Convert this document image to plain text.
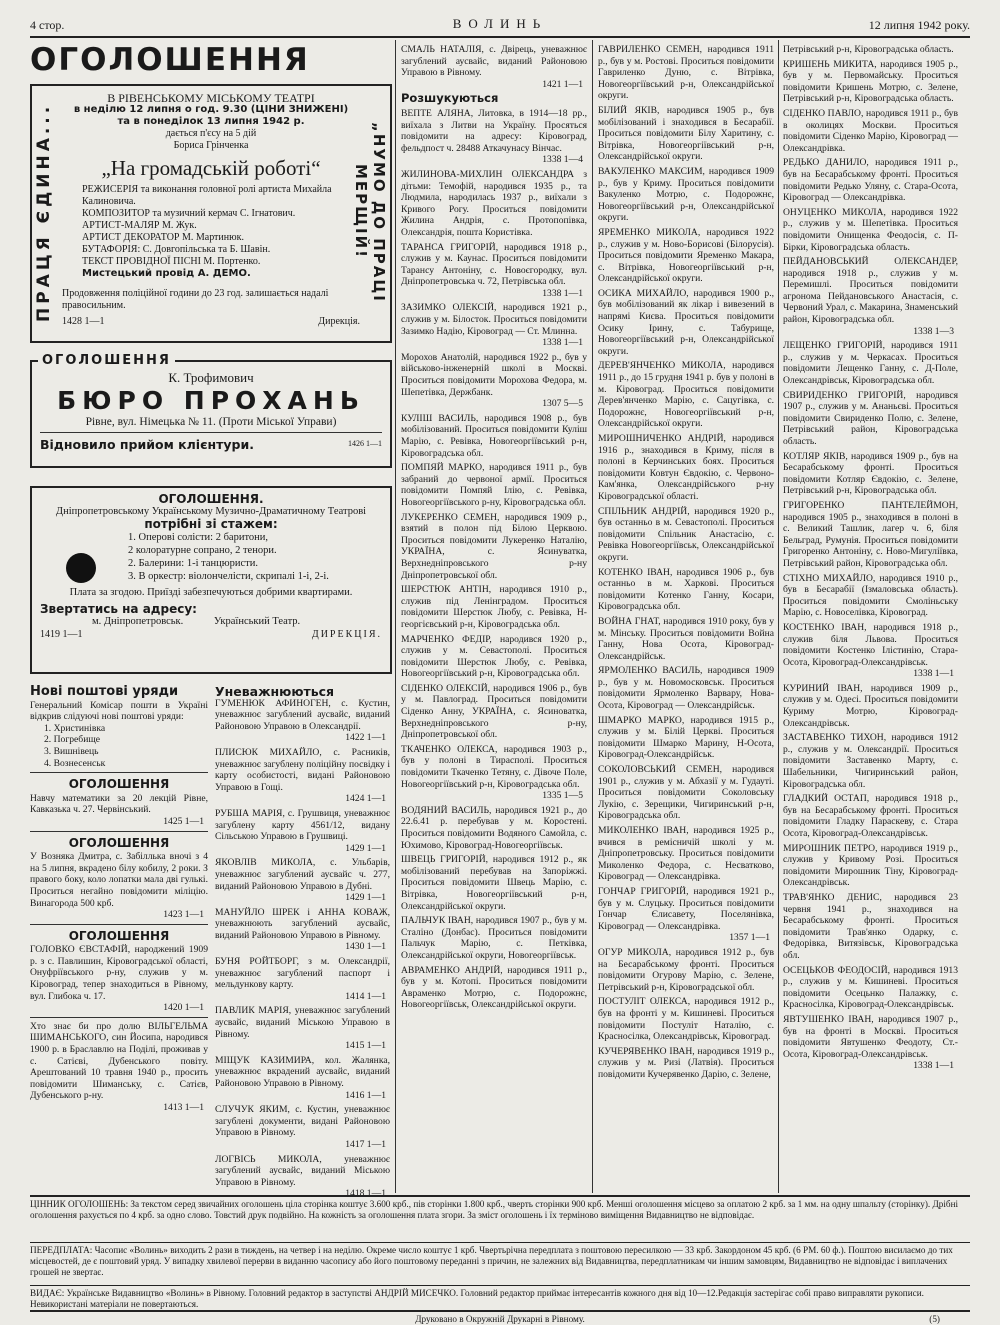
4 стор.	ВОЛИНЬ	12 липня 1942 року.
ОГОЛОШЕННЯ
ПРАЦЯ ЄДИНА...	„НУМО ДО ПРАЦІ МЕРЩІЙ!
В РІВЕНСЬКОМУ МІСЬКОМУ ТЕАТРІ
в неділю 12 липня о год. 9.30 (ЦІНИ ЗНИЖЕНІ)
та в понеділок 13 липня 1942 р.
дається п'єсу на 5 дій
Бориса Грінченка
„На громадській роботі“
РЕЖИСЕРІЯ та виконання головної ролі артиста Михайла Калиновича.
КОМПОЗИТОР та музичний кермач С. Ігнатович.
АРТИСТ-МАЛЯР М. Жук.
АРТИСТ ДЕКОРАТОР М. Мартинюк.
БУТАФОРІЯ: С. Довгопільська та Б. Шавін.
ТЕКСТ ПРОВІДНОЇ ПІСНІ М. Портенко.
Мистецький провід А. ДЕМО.
Продовження поліційної години до 23 год. залишається надалі правосильним.
1428 1—1	Дирекція.
ОГОЛОШЕННЯ
К. Трофимович
БЮРО ПРОХАНЬ
Рівне, вул. Німецька № 11. (Проти Міської Управи)
Відновило прийом клієнтури.	1426 1—1
ОГОЛОШЕННЯ.
Дніпропетровському Українському Музично-Драматичному Театрові
потрібні зі стажем:
1. Оперові солісти: 2 баритони,
2 колоратурне сопрано, 2 тенори.
2. Балерини: 1-і танцюристи.
3. В оркестр: віолончелісти, скрипалі 1-і, 2-і.
Плата за згодою. Приїзді забезпечуються добрими квартирами.
Звертатись на адресу:
м. Дніпропетровськ.	Український Театр.
1419 1—1	ДИРЕКЦІЯ.
Нові поштові уряди
Генеральний Комісар пошти в Україні відкрив слідуючі нові поштові уряди:
1. Христинівка
2. Погребище
3. Вишнівець
4. Вознесенськ
ОГОЛОШЕННЯ
Навчу математики за 20 лекцій Рівне, Кавказька ч. 27. Червінський.
1425 1—1
ОГОЛОШЕННЯ
У Возняка Дмитра, с. Забіллька вночі з 4 на 5 липня, вкрадено білу кобилу, 2 роки. З правого боку, коло лопатки мала дві гулькі. Проситься негайно повідомити міліцію. Винагорода 500 крб.
1423 1—1
ОГОЛОШЕННЯ
ГОЛОВКО ЄВСТАФІЙ, народжений 1909 р. з с. Павлишин, Кіровоградської області, Онуфріївського р-ну, служив у м. Кіровоград, тепер знаходиться в Рівному, вул. Глибока ч. 17.
1420 1—1
Хто знає би про долю ВІЛЬГЕЛЬМА ШИМАНСЬКОГО, син Йосипа, народився 1900 р. в Браславлю на Поділі, проживав у с. Сатієві, Дубенського повіту. Арештований 10 травня 1940 р., просить повідомити Шиманську, с. Сатієв, Дубенського р-ну.
1413 1—1
Уневажнюються
ГУМЕНЮК АФИНОГЕН, с. Кустин, уневажнює загублений аусвайс, виданий Районовою Управою в Олександрії.
1422 1—1
ПЛИСЮК МИХАЙЛО, с. Расників, уневажнює загублену поліційну посвідку і карту особистості, видані Районовою Управою в Гощі.
1424 1—1
РУБША МАРІЯ, с. Грушвиця, уневажнює загублену карту 4561/12, видану Сільською Управою в Грушвиці.
1429 1—1
ЯКОВЛІВ МИКОЛА, с. Ульбарів, уневажнює загублений аусвайс ч. 277, виданий Районовою Управою в Дубні.
1429 1—1
МАНУЙЛО ШРЕК і АННА КОВАЖ, уневажнюють загублений аусвайс, виданий Районовою Управою в Рівному.
1430 1—1
БУНЯ РОЙТБОРГ, з м. Олександрії, уневажнює загублений паспорт і мельдункову карту.
1414 1—1
ПАВЛИК МАРІЯ, уневажнює загублений аусвайс, виданий Міською Управою в Рівному.
1415 1—1
МІЩУК КАЗИМИРА, кол. Жалянка, уневажнює вкрадений аусвайс, виданий Районовою Управою в Рівному.
1416 1—1
СЛУЧУК ЯКИМ, с. Кустин, уневажнює загублені документи, видані Районовою Управою в Рівному.
1417 1—1
ЛОГВІСЬ МИКОЛА, уневажнює загублений аусвайс, виданий Міською Управою в Рівному.
1418 1—1
СМАЛЬ НАТАЛІЯ, с. Двірець, уневажнює загублений аусвайс, виданий Районовою Управою в Рівному.
1421 1—1
Розшукуються
ВЕПТЕ АЛЯНА, Литовка, в 1914—18 рр., виїхала з Литви на Україну. Просяться повідомити на адресу: Кіровоград, фельдпост ч. 28488 Аткачунасу Вінчас.
1338 1—4
ЖИЛИНОВА-МИХЛИН ОЛЕКСАНДРА з дітьми: Темофій, народився 1935 р., та Людмила, народилась 1937 р., виїхали з Кривого Рогу. Проситься повідомити Жилина Андрія, с. Протопопівка, Олександрія, пошта Користівка.
ТАРАНСА ГРИГОРІЙ, народився 1918 р., служив у м. Каунас. Проситься повідомити Тарансу Антоніну, с. Новоєгородку, вул. Дніпропетровська ч. 72, Петрівська обл.
1338 1—1
ЗАЗИМКО ОЛЕКСІЙ, народився 1921 р., служив у м. Білосток. Проситься повідомити Зазимко Надію, Кіровоград — Ст. Млинна.
1338 1—1
Морохов Анатолій, народився 1922 р., був у військово-інженерній школі в Москві. Проситься повідомити Морохова Федора, м. Шепетівка, Держбанк.
1307 5—5
КУЛІШ ВАСИЛЬ, народився 1908 р., був мобілізований. Проситься повідомити Куліш Марію, с. Ревівка, Новогеоргіївський р-н, Кіровоградська обл.
ПОМПЯЙ МАРКО, народився 1911 р., був забраний до червоної армії. Проситься повідомити Помпяй Ілію, с. Ревівка, Новогеоргіївського р-ну, Кіровоградська обл.
ЛУКЕРЕНКО СЕМЕН, народився 1909 р., взятий в полон під Білою Церквою. Проситься повідомити Лукеренко Наталію, УКРАЇНА, с. Ясинуватка, Верхнедніпровського р-ну Дніпропетровської обл.
ШЕРСТЮК АНТІН, народився 1910 р., служив під Ленінградом. Проситься повідомити Шерстюк Любу, с. Ревівка, Н-георгієвський р-н, Кіровоградська обл.
МАРЧЕНКО ФЕДІР, народився 1920 р., служив у м. Севастополі. Проситься повідомити Шерстюк Любу, с. Ревівка, Новогеоргіївський р-н, Кіровоградська обл.
СІДЕНКО ОЛЕКСІЙ, народився 1906 р., був у м. Павлоград. Проситься повідомити Сіденко Анну, УКРАЇНА, с. Ясиноватка, Верхнедніпровського р-ну, Дніпропетровської обл.
ТКАЧЕНКО ОЛЕКСА, народився 1903 р., був у полоні в Тирасполі. Проситься повідомити Ткаченко Тетяну, с. Дівоче Поле, Новогеоргіївський р-н, Кіровоградська обл.
1335 1—5
ВОДЯНИЙ ВАСИЛЬ, народився 1921 р., до 22.6.41 р. перебував у м. Коростені. Проситься повідомити Водяного Самойла, с. Юхимово, Кіровоград-Новогеоргіївськ.
ШВЕЦЬ ГРИГОРІЙ, народився 1912 р., як мобілізований перебував на Запоріжжі. Проситься повідомити Швець Марію, с. Вітрівка, Новогеоргіївський р-н, Олександрійської округи.
ПАЛЬЧУК ІВАН, народився 1907 р., був у м. Сталіно (Донбас). Проситься повідомити Пальчук Марію, с. Петківка, Олександрійської округи, Новогеоргіївськ.
АВРАМЕНКО АНДРІЙ, народився 1911 р., був у м. Котопі. Проситься повідомити Авраменко Мотрю, с. Подорожнє, Новогеоргіївськ, Олександрійської округи.
ГАВРИЛЕНКО СЕМЕН, народився 1911 р., був у м. Ростові. Проситься повідомити Гавриленко Дуню, с. Вітрівка, Новогеоргіївський р-н, Олександрійської округи.
БІЛИЙ ЯКІВ, народився 1905 р., був мобілізований і знаходився в Бесарабії. Проситься повідомити Білу Харитину, с. Вітрівка, Новогеоргіївський р-н, Олександрійської округи.
ВАКУЛЕНКО МАКСИМ, народився 1909 р., був у Криму. Проситься повідомити Вакуленко Мотрю, с. Подорожнє, Новогеоргіївський р-н, Олександрійської округи.
ЯРЕМЕНКО МИКОЛА, народився 1922 р., служив у м. Ново-Борисові (Білорусія). Проситься повідомити Яременко Макара, с. Вітрівка, Новогеоргіївський р-н, Олександрійської округи.
ОСИКА МИХАЙЛО, народився 1900 р., був мобілізований як лікар і вивезений в напрямі Києва. Проситься повідомити Осику Ірину, с. Табурище, Новогеоргіївський р-н, Олександрійської округи.
ДЕРЕВ'ЯНЧЕНКО МИКОЛА, народився 1911 р., до 15 грудня 1941 р. був у полоні в м. Кіровоград. Проситься повідомити Дерев'янченко Марію, с. Сацугівка, с. Подорожнє, Новогеоргіївський р-н, Олександрійської округи.
МИРОШНИЧЕНКО АНДРІЙ, народився 1916 р., знаходився в Криму, після в полоні в Керчинських боях. Проситься повідомити Ковтун Євдокію, с. Червоно-Кам'янка, Олександрійського р-ну Кіровоградської області.
СПІЛЬНИК АНДРІЙ, народився 1920 р., був останньо в м. Севастополі. Проситься повідомити Спільник Анастасію, с. Ревівка Новогеоргіївськ, Олександрійської округи.
КОТЕНКО ІВАН, народився 1906 р., був останньо в м. Харкові. Проситься повідомити Котенко Ганну, Косари, Кіровоградська обл.
ВОЙНА ГНАТ, народився 1910 року, був у м. Мінську. Проситься повідомити Война Ганну, Нова Осота, Кіровоград-Олександрійськ.
ЯРМОЛЕНКО ВАСИЛЬ, народився 1909 р., був у м. Новомосковськ. Проситься повідомити Ярмоленко Варвару, Нова-Осота, Кіровоград — Олександрійськ.
ШМАРКО МАРКО, народився 1915 р., служив у м. Білій Церкві. Проситься повідомити Шмарко Марину, Н-Осота, Кіровоград-Олександрійськ.
СОКОЛОВСЬКИЙ СЕМЕН, народився 1901 р., служив у м. Абхазії у м. Гудауті. Проситься повідомити Соколовську Лукію, с. Зерещики, Чигиринський р-н, Кіровоградська обл.
МИКОЛЕНКО ІВАН, народився 1925 р., вчився в ремісничій школі у м. Дніпропетровську. Проситься повідомити Миколенко Федора, с. Несватково, Кіровоград — Олександрівка.
ГОНЧАР ГРИГОРІЙ, народився 1921 р., був у м. Слуцьку. Проситься повідомити Гончар Єлисавету, Поселянівка, Кіровоград — Олександрівка.
1357 1—1
ОГУР МИКОЛА, народився 1912 р., був на Бесарабському фронті. Проситься повідомити Огурову Марію, с. Зелене, Петрівський р-н, Кіровоградської обл.
ПОСТУЛІТ ОЛЕКСА, народився 1912 р., був на фронті у м. Кишиневі. Проситься повідомити Постуліт Наталію, с. Красносілка, Олександрівськ, Кіровоград.
КУЧЕРЯВЕНКО ІВАН, народився 1919 р., служив у м. Ризі (Латвія). Проситься повідомити Кучерявенко Дарію, с. Зелене,
Петрівський р-н, Кіровоградська область.
КРИШЕНЬ МИКИТА, народився 1905 р., був у м. Первомайську. Проситься повідомити Кришень Мотрю, с. Зелене, Петрівський р-н, Кіровоградська область.
СІДЕНКО ПАВЛО, народився 1911 р., був в околицях Москви. Проситься повідомити Сіденко Марію, Кіровоград — Олександрівка.
РЕДЬКО ДАНИЛО, народився 1911 р., був на Бесарабському фронті. Проситься повідомити Редько Уляну, с. Стара-Осота, Кіровоград — Олександрівка.
ОНУЦЕНКО МИКОЛА, народився 1922 р., служив у м. Шепетівка. Проситься повідомити Онищенка Феодосія, с. П-Бірки, Кіровоградська область.
ПЕЙДАНОВСЬКИЙ ОЛЕКСАНДЕР, народився 1918 р., служив у м. Перемишлі. Проситься повідомити агронома Пейдановського Анастасія, с. Червоний Урал, с. Макарина, Знаменський район, Кіровоградська обл.
1338 1—3
ЛЕЩЕНКО ГРИГОРІЙ, народився 1911 р., служив у м. Черкасах. Проситься повідомити Лещенко Ганну, с. Д-Поле, Олександрівськ, Кіровоградська обл.
СВИРИДЕНКО ГРИГОРІЙ, народився 1907 р., служив у м. Ананьєві. Проситься повідомити Свириденко Полю, с. Зелене, Петрівський район, Кіровоградська область.
КОТЛЯР ЯКІВ, народився 1909 р., був на Бесарабському фронті. Проситься повідомити Котляр Євдокію, с. Зелене, Петрівський р-н, Кіровоградська обл.
ГРИГОРЕНКО ПАНТЕЛЕЙМОН, народився 1905 р., знаходився в полоні в с. Великий Ташлик, лагер ч. 6, біля Бельград, Румунія. Проситься повідомити Григоренко Антоніну, с. Ново-Мигуліївка, Петрівський район, Кіровоградська обл.
СТІХНО МИХАЙЛО, народився 1910 р., був в Бесарабії (Ізмаловська область). Проситься повідомити Смоліньську Марію, с. Новоселівка, Кіровоград.
КОСТЕНКО ІВАН, народився 1918 р., служив біля Львова. Проситься повідомити Костенко Ілістинію, Стара-Осота, Кіровоград-Олександрівськ.
1338 1—1
КУРИНИЙ ІВАН, народився 1909 р., служив у м. Одесі. Проситься повідомити Куриму Мотрю, Кіровоград-Олександрівськ.
ЗАСТАВЕНКО ТИХОН, народився 1912 р., служив у м. Олександрії. Проситься повідомити Заставенко Марту, с. Шабельники, Чигиринський район, Кіровоградська обл.
ГЛАДКИЙ ОСТАП, народився 1918 р., був на Бесарабському фронті. Проситься повідомити Гладку Параскеву, с. Стара Осота, Кіровоград-Олександрівськ.
МИРОШНИК ПЕТРО, народився 1919 р., служив у Кривому Розі. Проситься повідомити Мирошник Тіну, Кіровоград-Олександрівськ.
ТРАВ'ЯНКО ДЕНИС, народився 23 червня 1941 р., знаходився на Бесарабському фронті. Проситься повідомити Трав'янко Одарку, с. Федорівка, Витязівськ, Кіровоградська обл.
ОСЕЦЬКОВ ФЕОДОСІЙ, народився 1913 р., служив у м. Кишиневі. Проситься повідомити Осецьнко Палажку, с. Красносілка, Кіровоград-Олександрівськ.
ЯВТУШЕНКО ІВАН, народився 1907 р., був на фронті в Москві. Проситься повідомити Явтушенко Феодоту, Ст.-Осота, Кіровоград-Олександрівськ.
1338 1—1
ЦІННИК ОГОЛОШЕНЬ: За текстом серед звичайних оголошень ціла сторінка коштує 3.600 крб., пів сторінки 1.800 крб., чверть сторінки 900 крб. Менші оголошення місцево за оплатою 2 крб. за 1 мм. на одну шпальту (сторінку). Дрібні оголошення рахується по 4 крб. за одно слово. Товстий друк подвійно. На кожність за оголошення плата згори. За зміст оголошень і їх терміново виміщення Видавництво не відповідає.
ПЕРЕДПЛАТА: Часопис «Волинь» виходить 2 рази в тиждень, на четвер і на неділю. Окреме число коштує 1 крб. Чвертьрічна передплата з поштовою пересилкою — 33 крб. Закордоном 45 крб. (6 РМ. 60 ф.). Поштою висилаємо до тих місцевостей, де є поштовий уряд. У випадку хвилевої перерви в виданню часопису або його поштовому переданні з причин, не залежних від Видавництва, передплатникам чи іншим замовцям, Видавництво не відповідає і виплачених грошей не звертає.
ВИДАЄ: Українське Видавництво «Волинь» в Рівному. Головний редактор в заступстві АНДРІЙ МИСЕЧКО. Головний редактор приймає інтересантів кожного дня від 10—12.Редакція застерігає собі право виправляти рукописи. Невикористані матеріали не повертаються.
Друковано в Окружній Друкарні в Рівному.	(5)
